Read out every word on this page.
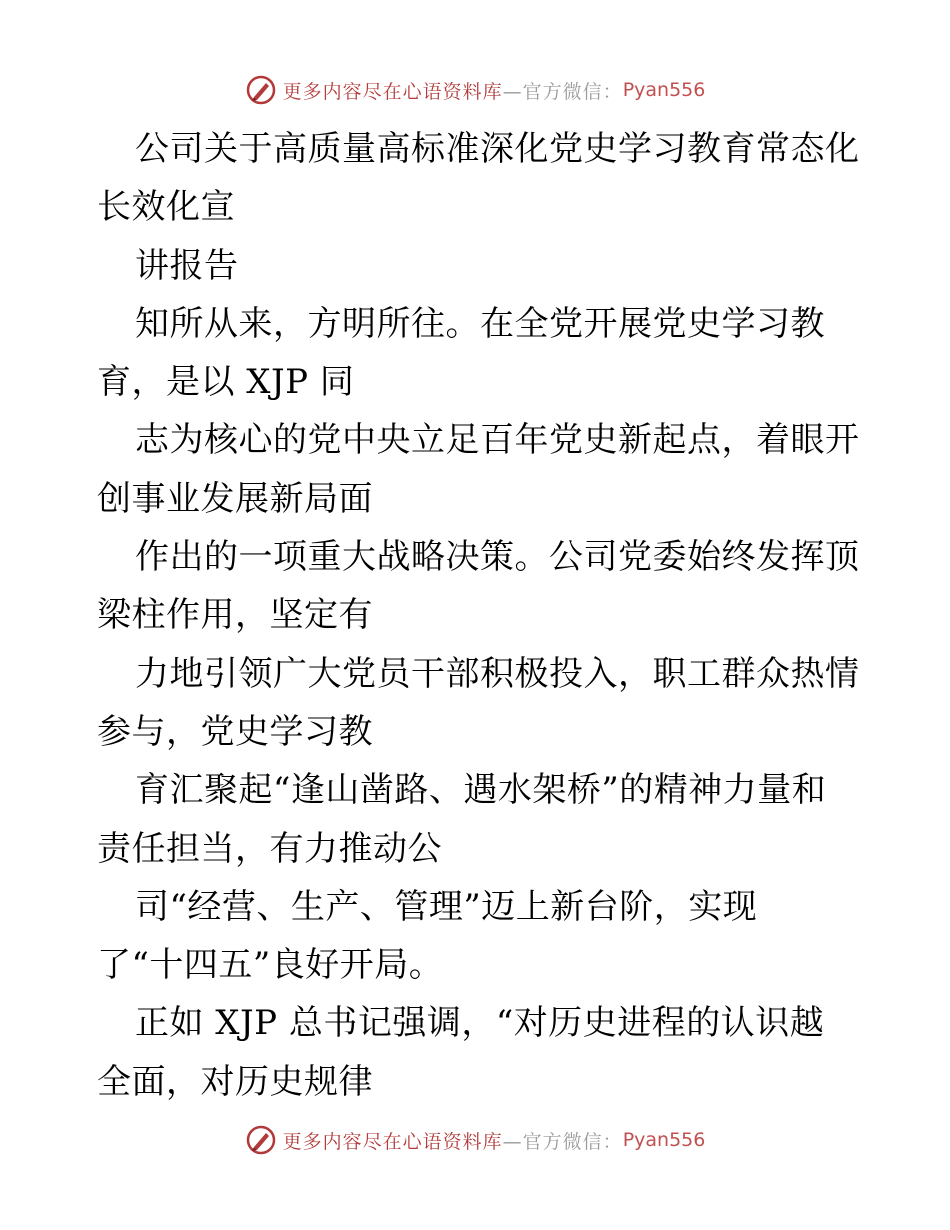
更多内容尽在心语资料库 —官方微信： Pyan556
公司关于高质量高标准深化党史学习教育常态化
长效化宣
讲报告
知所从来，方明所往。在全党开展党史学习教
育，是以 XJP 同
志为核心的党中央立足百年党史新起点，着眼开
创事业发展新局面
作出的一项重大战略决策。公司党委始终发挥顶
梁柱作用，坚定有
力地引领广大党员干部积极投入，职工群众热情
参与，党史学习教
育汇聚起“逢山凿路、遇水架桥”的精神力量和
责任担当，有力推动公
司“经营、生产、管理”迈上新台阶，实现
了“十四五”良好开局。
正如 XJP 总书记强调，“对历史进程的认识越
全面，对历史规律
更多内容尽在心语资料库 —官方微信： Pyan556
